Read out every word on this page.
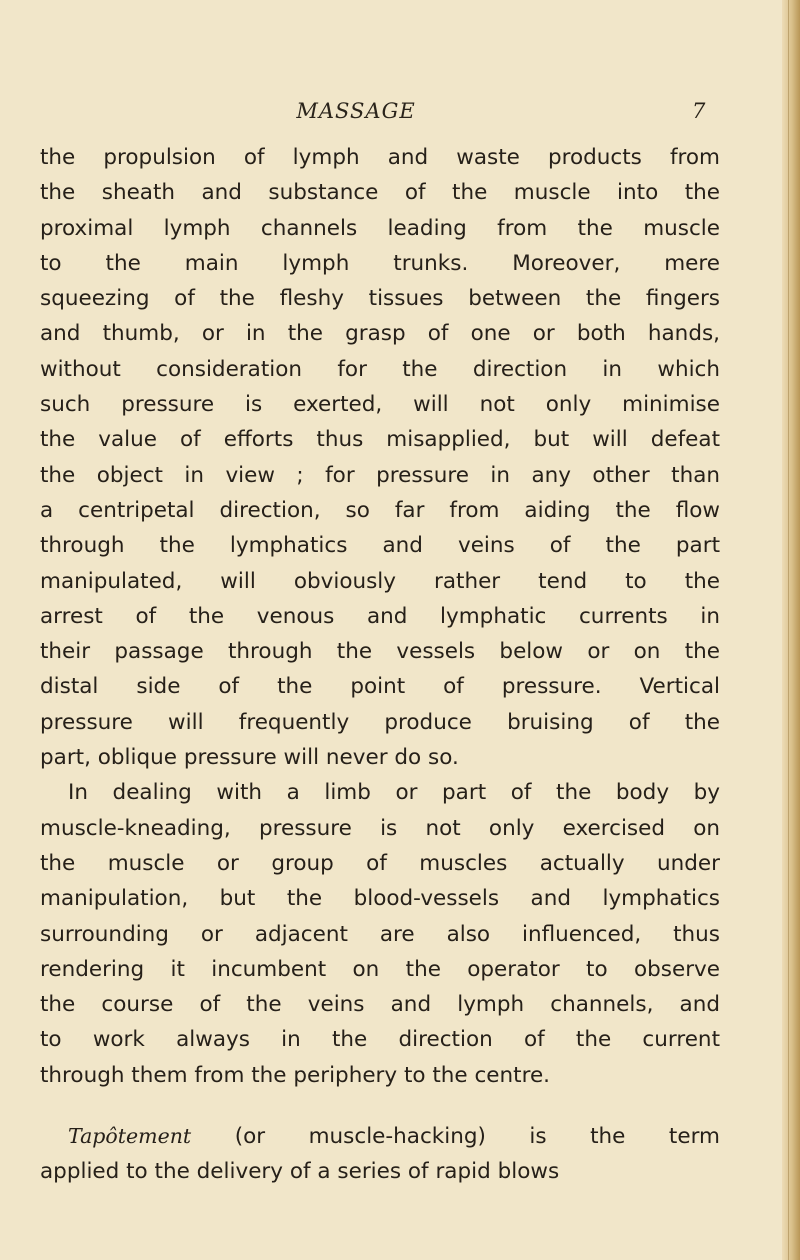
MASSAGE	7
the propulsion of lymph and waste products from
the sheath and substance of the muscle into the
proximal lymph channels leading from the muscle
to the main lymph trunks. Moreover, mere
squeezing of the fleshy tissues between the fingers
and thumb, or in the grasp of one or both hands,
without consideration for the direction in which
such pressure is exerted, will not only minimise
the value of efforts thus misapplied, but will defeat
the object in view ; for pressure in any other than
a centripetal direction, so far from aiding the flow
through the lymphatics and veins of the part
manipulated, will obviously rather tend to the
arrest of the venous and lymphatic currents in
their passage through the vessels below or on the
distal side of the point of pressure. Vertical
pressure will frequently produce bruising of the
part, oblique pressure will never do so.
In dealing with a limb or part of the body by
muscle-kneading, pressure is not only exercised on
the muscle or group of muscles actually under
manipulation, but the blood-vessels and lymphatics
surrounding or adjacent are also influenced, thus
rendering it incumbent on the operator to observe
the course of the veins and lymph channels, and
to work always in the direction of the current
through them from the periphery to the centre.
Tapôtement (or muscle-hacking) is the term
applied to the delivery of a series of rapid blows
